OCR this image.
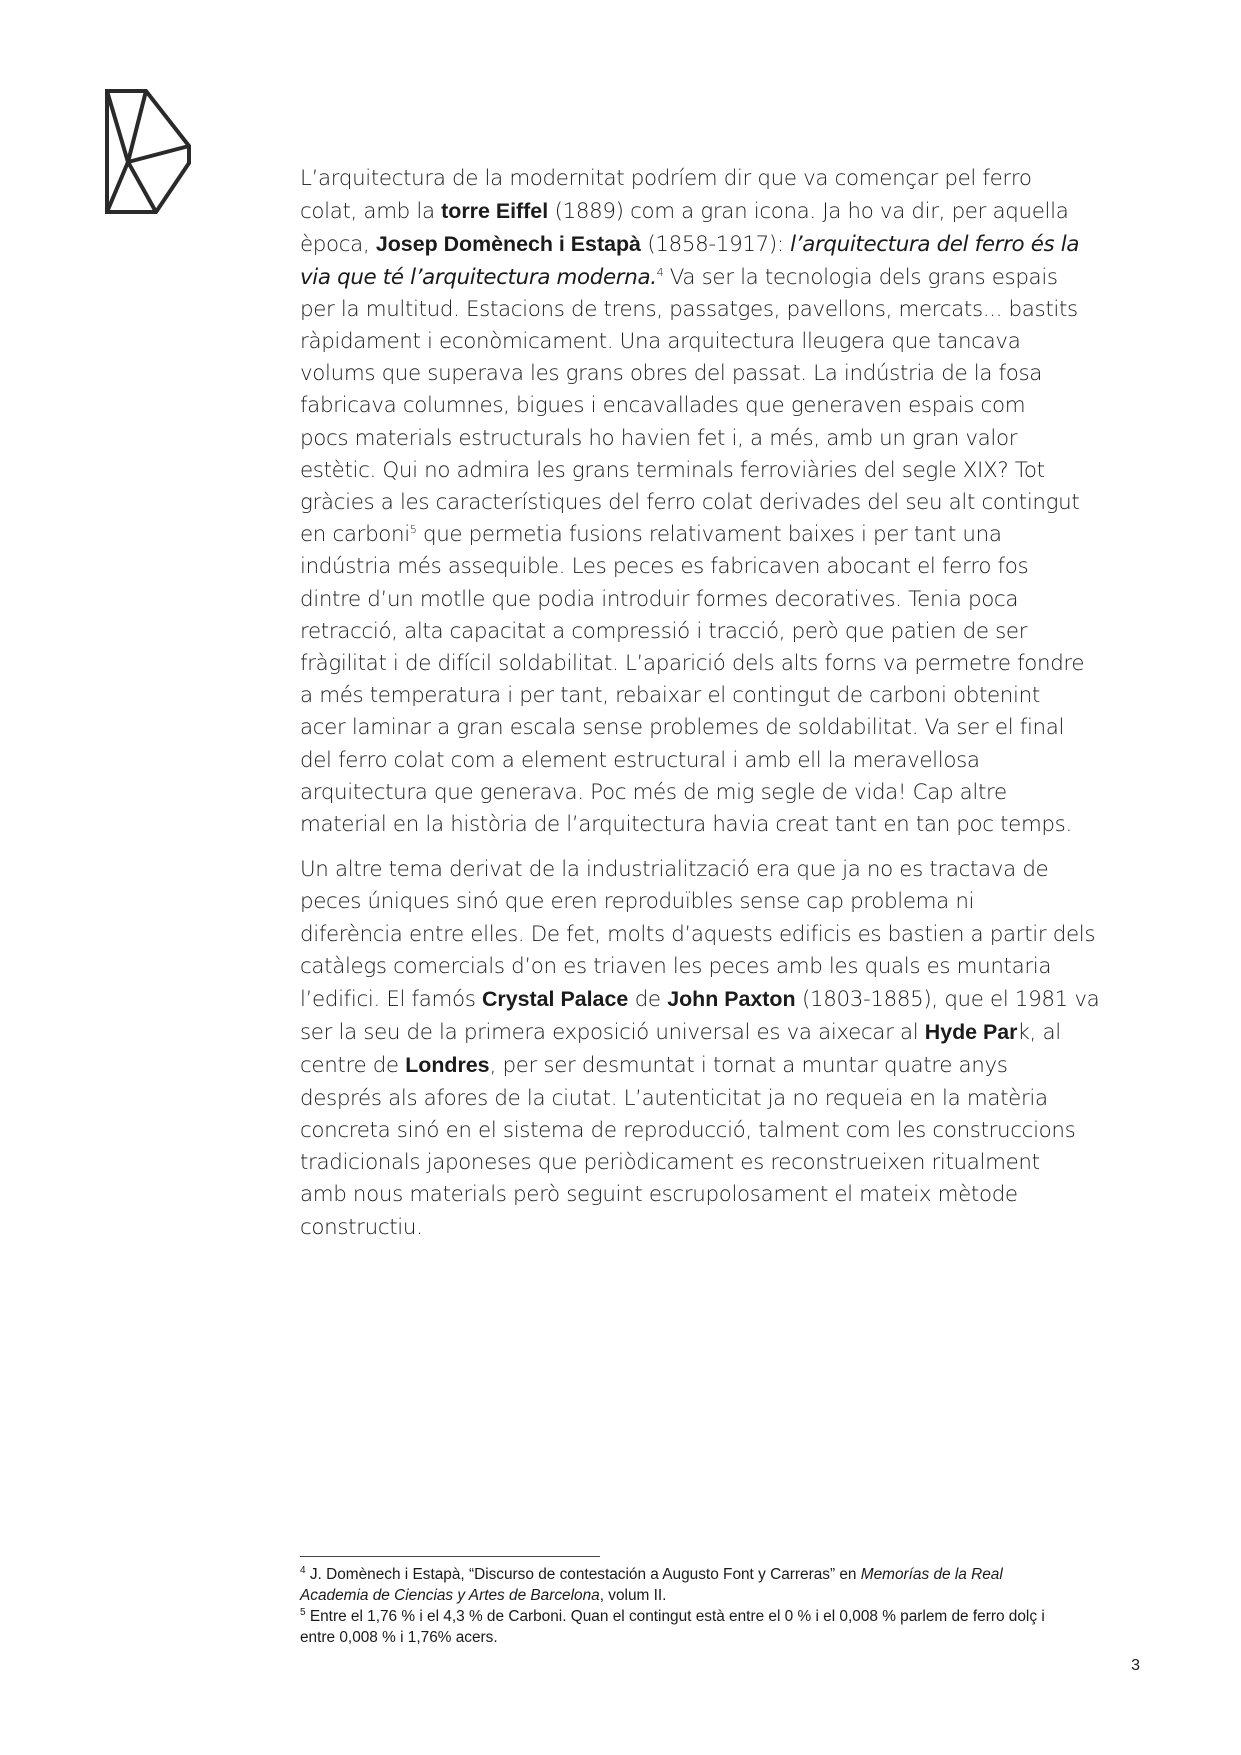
L’arquitectura de la modernitat podríem dir que va començar pel ferro
colat, amb la torre Eiffel (1889) com a gran icona. Ja ho va dir, per aquella
època, Josep Domènech i Estapà (1858-1917): l’arquitectura del ferro és la
via que té l’arquitectura moderna.$^4$ Va ser la tecnologia dels grans espais
per la multitud. Estacions de trens, passatges, pavellons, mercats... bastits
ràpidament i econòmicament. Una arquitectura lleugera que tancava
volums que superava les grans obres del passat. La indústria de la fosa
fabricava columnes, bigues i encavallades que generaven espais com
pocs materials estructurals ho havien fet i, a més, amb un gran valor
estètic. Qui no admira les grans terminals ferroviàries del segle XIX? Tot
gràcies a les característiques del ferro colat derivades del seu alt contingut
en carboni$^5$ que permetia fusions relativament baixes i per tant una
indústria més assequible. Les peces es fabricaven abocant el ferro fos
dintre d’un motlle que podia introduir formes decoratives. Tenia poca
retracció, alta capacitat a compressió i tracció, però que patien de ser
fràgilitat i de difícil soldabilitat. L’aparició dels alts forns va permetre fondre
a més temperatura i per tant, rebaixar el contingut de carboni obtenint
acer laminar a gran escala sense problemes de soldabilitat. Va ser el final
del ferro colat com a element estructural i amb ell la meravellosa
arquitectura que generava. Poc més de mig segle de vida! Cap altre
material en la història de l’arquitectura havia creat tant en tan poc temps.

Un altre tema derivat de la industrialització era que ja no es tractava de
peces úniques sinó que eren reproduïbles sense cap problema ni
diferència entre elles. De fet, molts d’aquests edificis es bastien a partir dels
catàlegs comercials d’on es triaven les peces amb les quals es muntaria
l’edifici. El famós Crystal Palace de John Paxton (1803-1885), que el 1981 va
ser la seu de la primera exposició universal es va aixecar al Hyde Park, al
centre de Londres, per ser desmuntat i tornat a muntar quatre anys
després als afores de la ciutat. L’autenticitat ja no requeia en la matèria
concreta sinó en el sistema de reproducció, talment com les construccions
tradicionals japoneses que periòdicament es reconstrueixen ritualment
amb nous materials però seguint escrupolosament el mateix mètode
constructiu.

$^4$ J. Domènech i Estapà, “Discurso de contestación a Augusto Font y Carreras” en Memorías de la Real
Academia de Ciencias y Artes de Barcelona, volum II.

$^5$ Entre el 1,76 % i el 4,3 % de Carboni. Quan el contingut està entre el 0 % i el 0,008 % parlem de ferro dolç i
entre 0,008 % i 1,76% acers.

3
